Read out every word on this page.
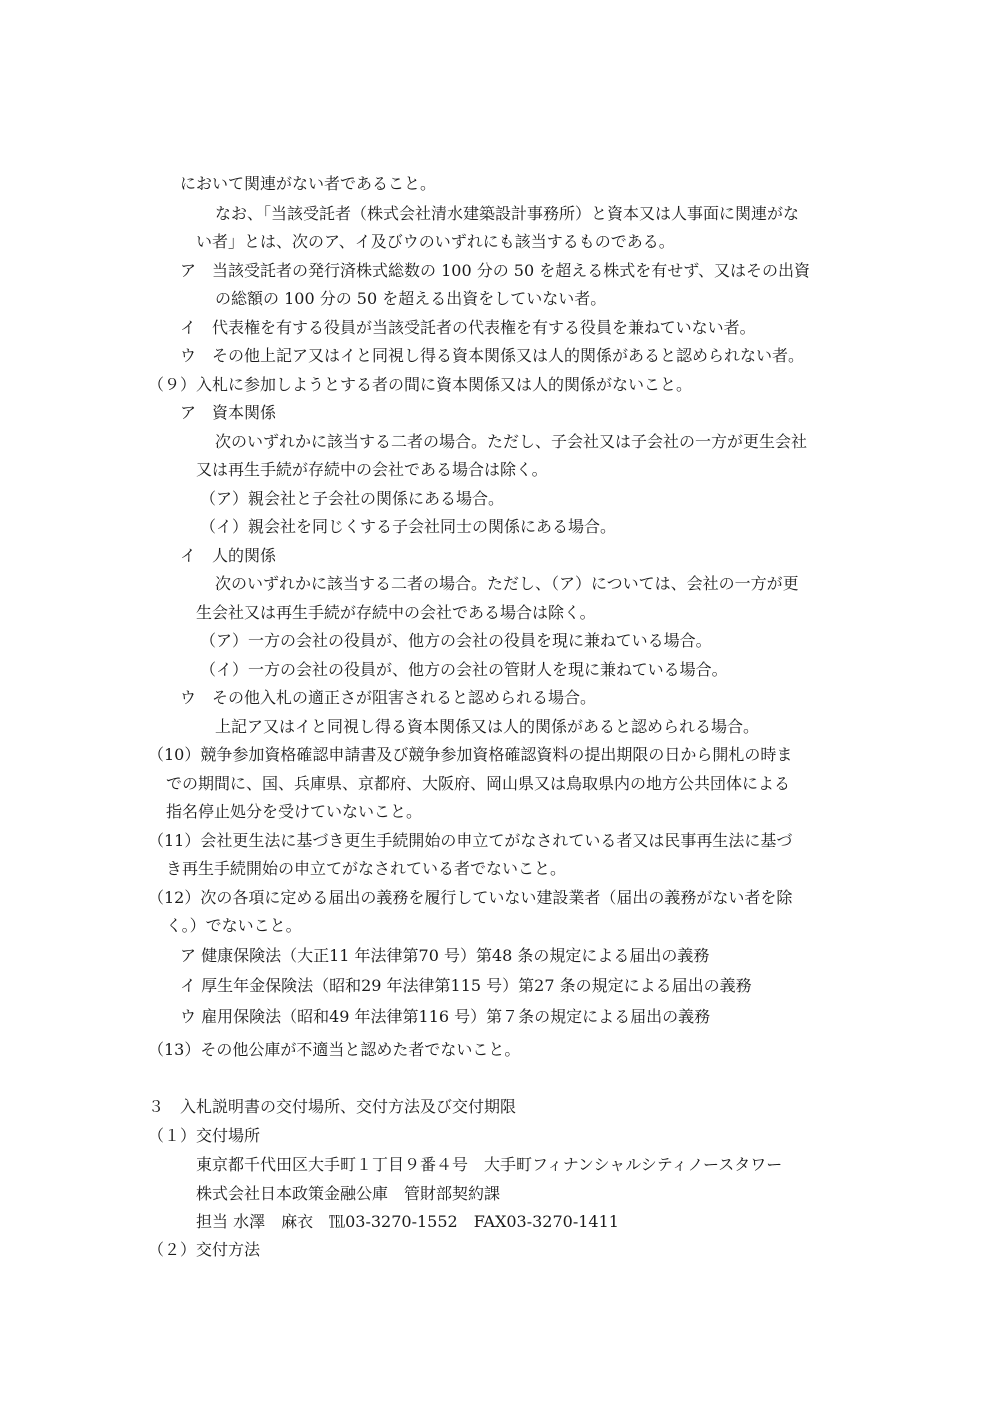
において関連がない者であること。
なお、「当該受託者（株式会社清水建築設計事務所）と資本又は人事面に関連がな
い者」とは、次のア、イ及びウのいずれにも該当するものである。
ア　当該受託者の発行済株式総数の 100 分の 50 を超える株式を有せず、又はその出資
の総額の 100 分の 50 を超える出資をしていない者。
イ　代表権を有する役員が当該受託者の代表権を有する役員を兼ねていない者。
ウ　その他上記ア又はイと同視し得る資本関係又は人的関係があると認められない者。
（９）入札に参加しようとする者の間に資本関係又は人的関係がないこと。
ア　資本関係
次のいずれかに該当する二者の場合。ただし、子会社又は子会社の一方が更生会社
又は再生手続が存続中の会社である場合は除く。
（ア）親会社と子会社の関係にある場合。
（イ）親会社を同じくする子会社同士の関係にある場合。
イ　人的関係
次のいずれかに該当する二者の場合。ただし、（ア）については、会社の一方が更
生会社又は再生手続が存続中の会社である場合は除く。
（ア）一方の会社の役員が、他方の会社の役員を現に兼ねている場合。
（イ）一方の会社の役員が、他方の会社の管財人を現に兼ねている場合。
ウ　その他入札の適正さが阻害されると認められる場合。
上記ア又はイと同視し得る資本関係又は人的関係があると認められる場合。
（10）競争参加資格確認申請書及び競争参加資格確認資料の提出期限の日から開札の時ま
での期間に、国、兵庫県、京都府、大阪府、岡山県又は鳥取県内の地方公共団体による
指名停止処分を受けていないこと。
（11）会社更生法に基づき更生手続開始の申立てがなされている者又は民事再生法に基づ
き再生手続開始の申立てがなされている者でないこと。
（12）次の各項に定める届出の義務を履行していない建設業者（届出の義務がない者を除
く。）でないこと。
ア 健康保険法（大正11 年法律第70 号）第48 条の規定による届出の義務
イ 厚生年金保険法（昭和29 年法律第115 号）第27 条の規定による届出の義務
ウ 雇用保険法（昭和49 年法律第116 号）第７条の規定による届出の義務
（13）その他公庫が不適当と認めた者でないこと。
３　入札説明書の交付場所、交付方法及び交付期限
（１）交付場所
東京都千代田区大手町１丁目９番４号　大手町フィナンシャルシティノースタワー
株式会社日本政策金融公庫　管財部契約課
担当 水澤　麻衣　℡03-3270-1552　FAX03-3270-1411
（２）交付方法
